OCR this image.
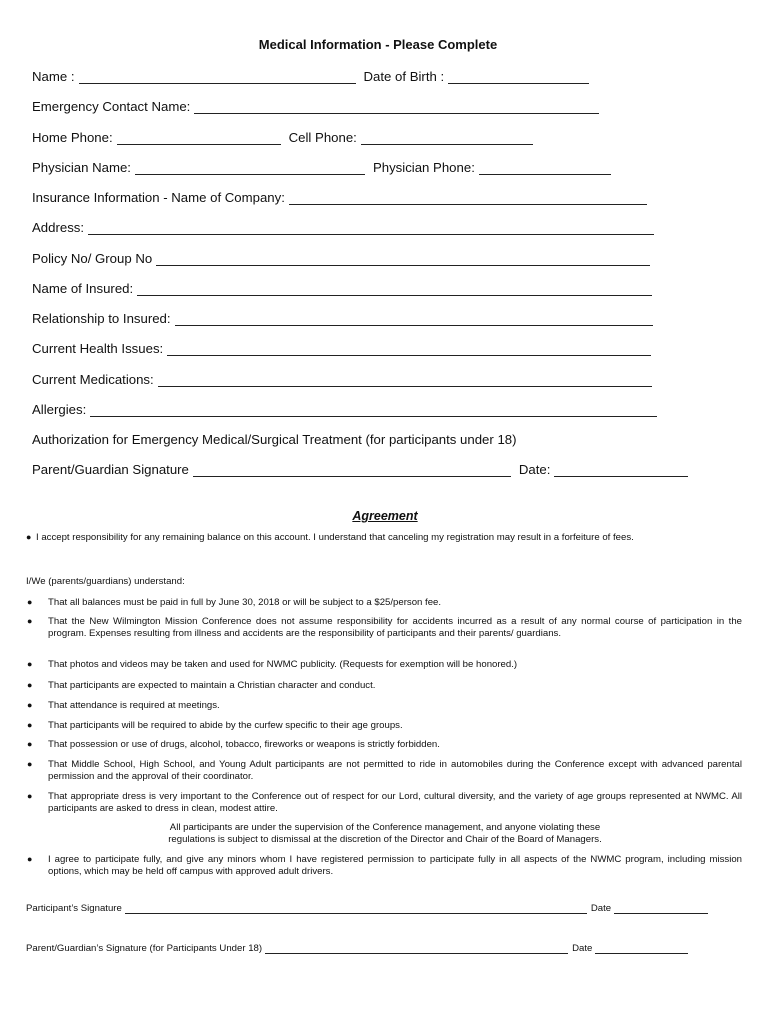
Medical Information - Please Complete
Name :	Date of Birth :
Emergency Contact Name:
Home Phone:	Cell Phone:
Physician Name:	Physician Phone:
Insurance Information - Name of Company:
Address:
Policy No/ Group No
Name of Insured:
Relationship to Insured:
Current Health Issues:
Current Medications:
Allergies:
Authorization for Emergency Medical/Surgical Treatment (for participants under 18)
Parent/Guardian Signature	Date:
Agreement
● I accept responsibility for any remaining balance on this account. I understand that canceling my registration may result in a forfeiture of fees.
I/We (parents/guardians) understand:
● That all balances must be paid in full by June 30, 2018 or will be subject to a $25/person fee.
● That the New Wilmington Mission Conference does not assume responsibility for accidents incurred as a result of any normal course of participation in the program. Expenses resulting from illness and accidents are the responsibility of participants and their parents/ guardians.
● That photos and videos may be taken and used for NWMC publicity. (Requests for exemption will be honored.)
● That participants are expected to maintain a Christian character and conduct.
● That attendance is required at meetings.
● That participants will be required to abide by the curfew specific to their age groups.
● That possession or use of drugs, alcohol, tobacco, fireworks or weapons is strictly forbidden.
● That Middle School, High School, and Young Adult participants are not permitted to ride in automobiles during the Conference except with advanced parental permission and the approval of their coordinator.
● That appropriate dress is very important to the Conference out of respect for our Lord, cultural diversity, and the variety of age groups represented at NWMC. All participants are asked to dress in clean, modest attire.
All participants are under the supervision of the Conference management, and anyone violating these
regulations is subject to dismissal at the discretion of the Director and Chair of the Board of Managers.
● I agree to participate fully, and give any minors whom I have registered permission to participate fully in all aspects of the NWMC program, including mission options, which may be held off campus with approved adult drivers.
Participant’s Signature	Date
Parent/Guardian’s Signature (for Participants Under 18)	Date
